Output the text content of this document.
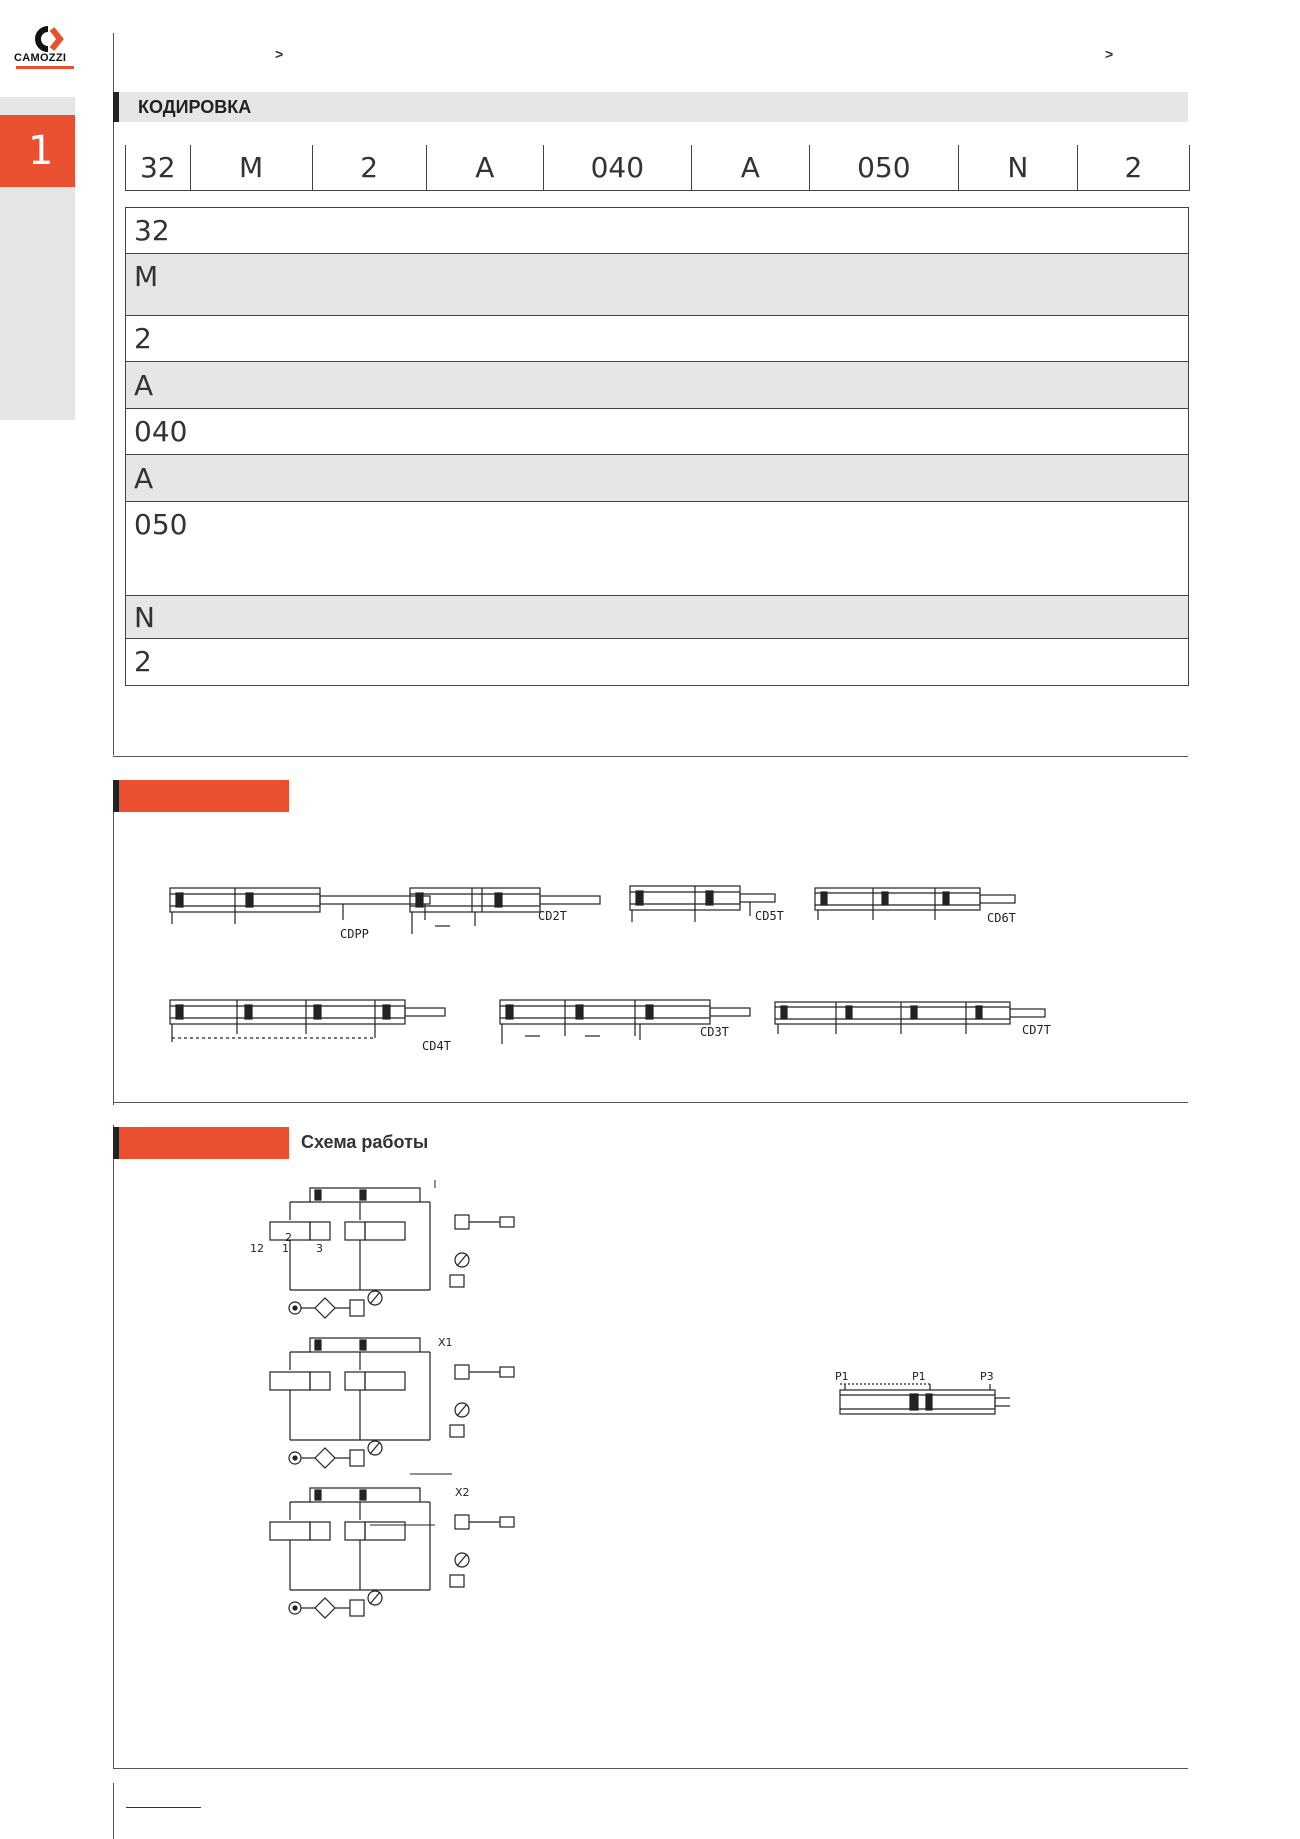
1
CAMOZZI	>	>
КОДИРОВКА
32	M	2	A	040	A	050	N	2
32
M
2
A
040
A
050
N
2
CDPP
CD2T	CD5T	CD6T
CD4T
CD3T	CD7T
Схема работы
2
12 1 3
X1
X2
P1	P1	P3
